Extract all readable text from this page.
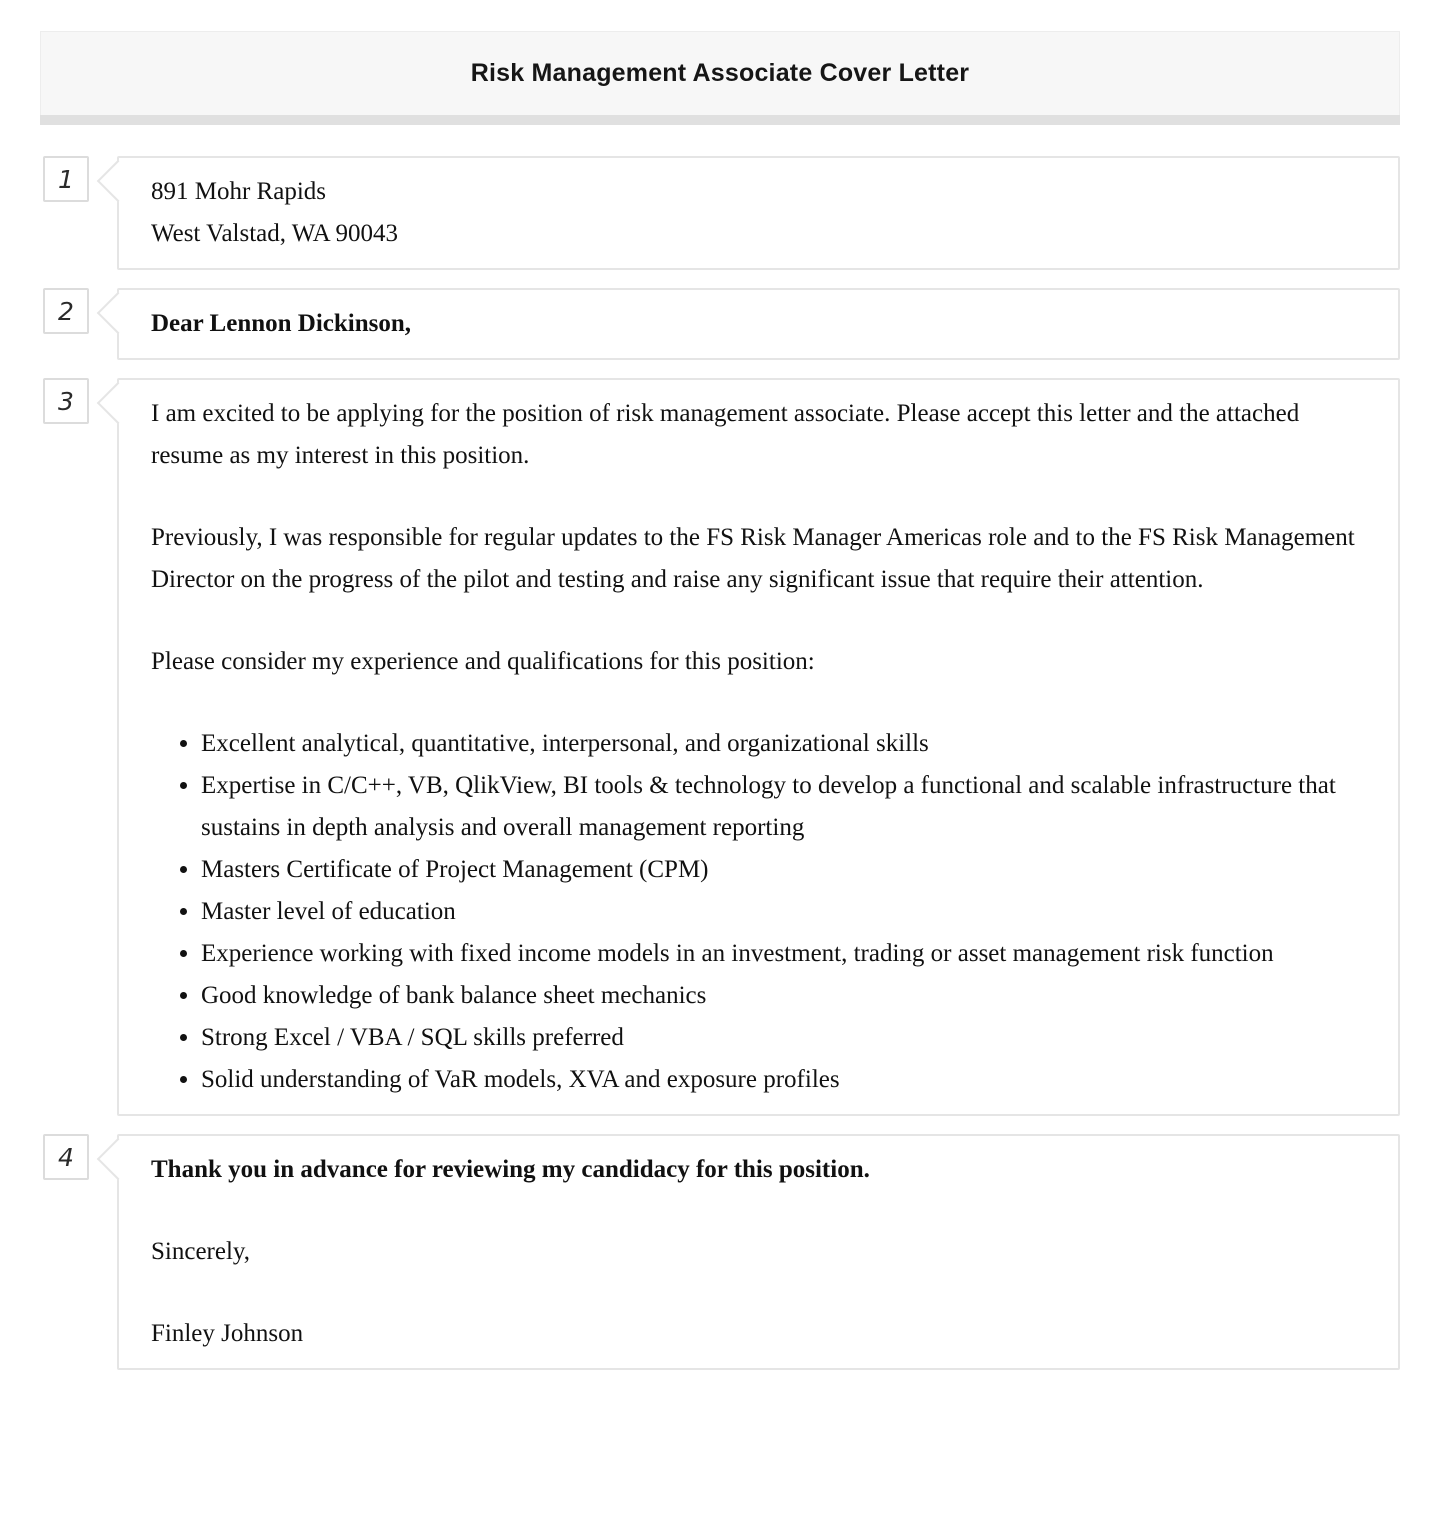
Risk Management Associate Cover Letter
1	891 Mohr Rapids
West Valstad, WA 90043
2	Dear Lennon Dickinson,

3	I am excited to be applying for the position of risk management associate. Please accept this letter and the attached resume as my interest in this position.

Previously, I was responsible for regular updates to the FS Risk Manager Americas role and to the FS Risk Management Director on the progress of the pilot and testing and raise any significant issue that require their attention.

Please consider my experience and qualifications for this position:

• Excellent analytical, quantitative, interpersonal, and organizational skills
• Expertise in C/C++, VB, QlikView, BI tools & technology to develop a functional and scalable infrastructure that sustains in depth analysis and overall management reporting
• Masters Certificate of Project Management (CPM)
• Master level of education
• Experience working with fixed income models in an investment, trading or asset management risk function
• Good knowledge of bank balance sheet mechanics
• Strong Excel / VBA / SQL skills preferred
• Solid understanding of VaR models, XVA and exposure profiles
4	Thank you in advance for reviewing my candidacy for this position.

Sincerely,

Finley Johnson
